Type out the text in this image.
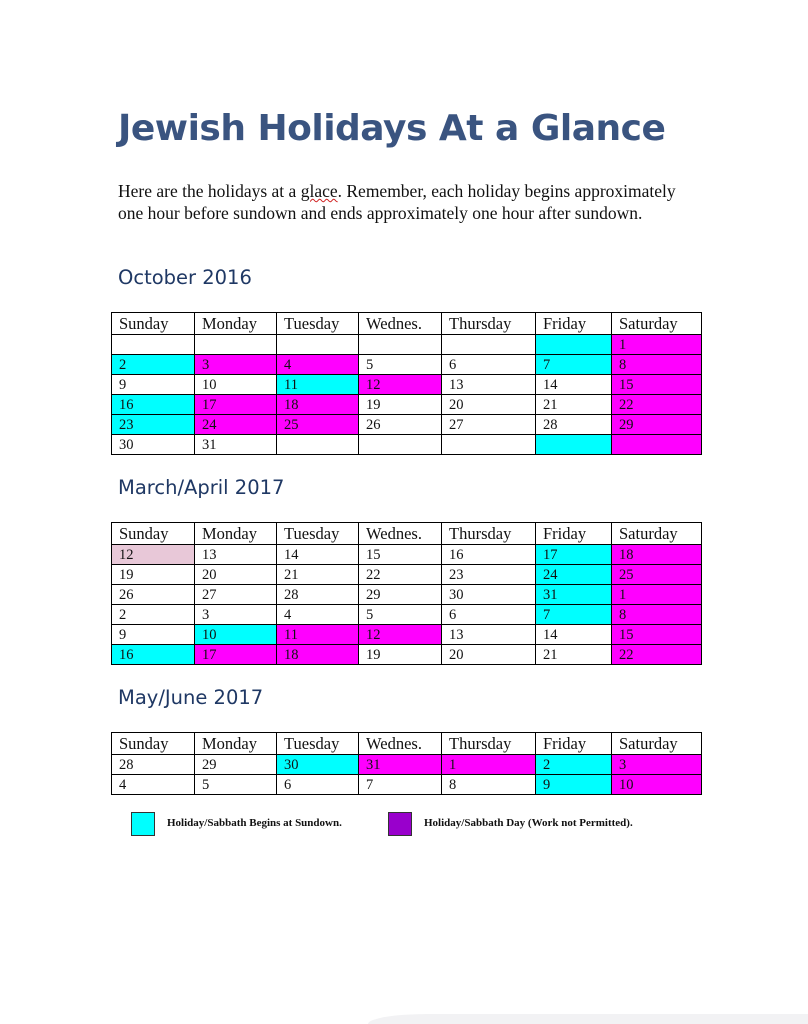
Jewish Holidays At a Glance

Here are the holidays at a glace. Remember, each holiday begins approximately one hour before sundown and ends approximately one hour after sundown.

October 2016
Sunday	Monday	Tuesday	Wednes.	Thursday	Friday	Saturday
						1
2	3	4	5	6	7	8
9	10	11	12	13	14	15
16	17	18	19	20	21	22
23	24	25	26	27	28	29
30	31					
March/April 2017
Sunday	Monday	Tuesday	Wednes.	Thursday	Friday	Saturday
12	13	14	15	16	17	18
19	20	21	22	23	24	25
26	27	28	29	30	31	1
2	3	4	5	6	7	8
9	10	11	12	13	14	15
16	17	18	19	20	21	22
May/June 2017
Sunday	Monday	Tuesday	Wednes.	Thursday	Friday	Saturday
28	29	30	31	1	2	3
4	5	6	7	8	9	10
Holiday/Sabbath Begins at Sundown.	Holiday/Sabbath Day (Work not Permitted).
